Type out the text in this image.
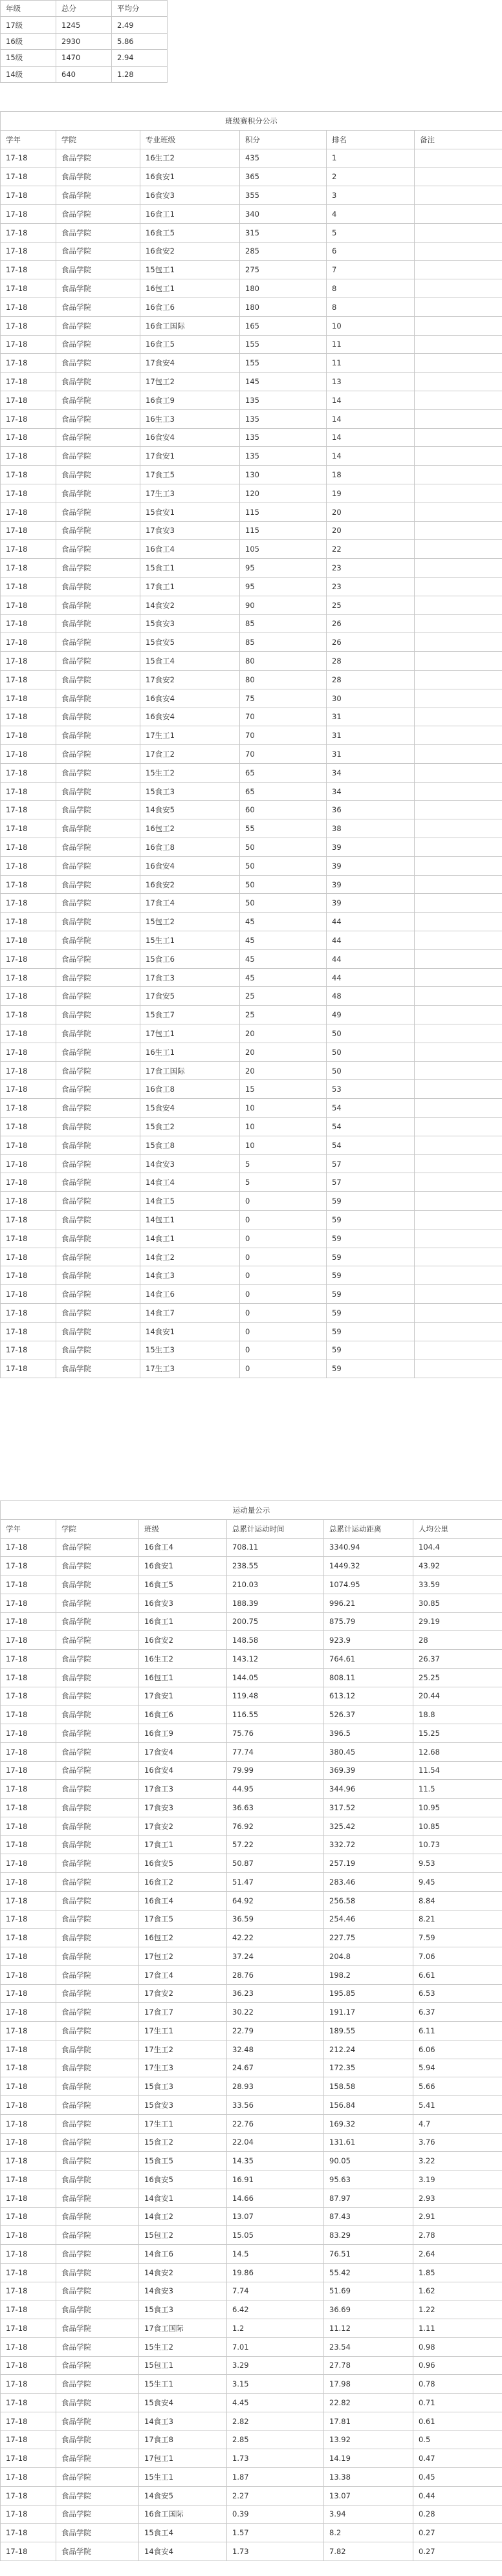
年级	总分	平均分
17级	1245	2.49
16级	2930	5.86
15级	1470	2.94
14级	640	1.28
班级赛积分公示					
学年	学院	专业班级	积分	排名	备注
17-18	食品学院	16生工2	435	1	
17-18	食品学院	16食安1	365	2	
17-18	食品学院	16食安3	355	3	
17-18	食品学院	16食工1	340	4	
17-18	食品学院	16食工5	315	5	
17-18	食品学院	16食安2	285	6	
17-18	食品学院	15包工1	275	7	
17-18	食品学院	16包工1	180	8	
17-18	食品学院	16食工6	180	8	
17-18	食品学院	16食工国际	165	10	
17-18	食品学院	16食工5	155	11	
17-18	食品学院	17食安4	155	11	
17-18	食品学院	17包工2	145	13	
17-18	食品学院	16食工9	135	14	
17-18	食品学院	16生工3	135	14	
17-18	食品学院	16食安4	135	14	
17-18	食品学院	17食安1	135	14	
17-18	食品学院	17食工5	130	18	
17-18	食品学院	17生工3	120	19	
17-18	食品学院	15食安1	115	20	
17-18	食品学院	17食安3	115	20	
17-18	食品学院	16食工4	105	22	
17-18	食品学院	15食工1	95	23	
17-18	食品学院	17食工1	95	23	
17-18	食品学院	14食安2	90	25	
17-18	食品学院	15食安3	85	26	
17-18	食品学院	15食安5	85	26	
17-18	食品学院	15食工4	80	28	
17-18	食品学院	17食安2	80	28	
17-18	食品学院	16食安4	75	30	
17-18	食品学院	16食安4	70	31	
17-18	食品学院	17生工1	70	31	
17-18	食品学院	17食工2	70	31	
17-18	食品学院	15生工2	65	34	
17-18	食品学院	15食工3	65	34	
17-18	食品学院	14食安5	60	36	
17-18	食品学院	16包工2	55	38	
17-18	食品学院	16食工8	50	39	
17-18	食品学院	16食安4	50	39	
17-18	食品学院	16食安2	50	39	
17-18	食品学院	17食工4	50	39	
17-18	食品学院	15包工2	45	44	
17-18	食品学院	15生工1	45	44	
17-18	食品学院	15食工6	45	44	
17-18	食品学院	17食工3	45	44	
17-18	食品学院	17食安5	25	48	
17-18	食品学院	15食工7	25	49	
17-18	食品学院	17包工1	20	50	
17-18	食品学院	16生工1	20	50	
17-18	食品学院	17食工国际	20	50	
17-18	食品学院	16食工8	15	53	
17-18	食品学院	15食安4	10	54	
17-18	食品学院	15食工2	10	54	
17-18	食品学院	15食工8	10	54	
17-18	食品学院	14食安3	5	57	
17-18	食品学院	14食工4	5	57	
17-18	食品学院	14食工5	0	59	
17-18	食品学院	14包工1	0	59	
17-18	食品学院	14食工1	0	59	
17-18	食品学院	14食工2	0	59	
17-18	食品学院	14食工3	0	59	
17-18	食品学院	14食工6	0	59	
17-18	食品学院	14食工7	0	59	
17-18	食品学院	14食安1	0	59	
17-18	食品学院	15生工3	0	59	
17-18	食品学院	17生工3	0	59	
运动量公示					
学年	学院	班级	总累计运动时间	总累计运动距离	人均公里
17-18	食品学院	16食工4	708.11	3340.94	104.4
17-18	食品学院	16食安1	238.55	1449.32	43.92
17-18	食品学院	16食工5	210.03	1074.95	33.59
17-18	食品学院	16食安3	188.39	996.21	30.85
17-18	食品学院	16食工1	200.75	875.79	29.19
17-18	食品学院	16食安2	148.58	923.9	28
17-18	食品学院	16生工2	143.12	764.61	26.37
17-18	食品学院	16包工1	144.05	808.11	25.25
17-18	食品学院	17食安1	119.48	613.12	20.44
17-18	食品学院	16食工6	116.55	526.37	18.8
17-18	食品学院	16食工9	75.76	396.5	15.25
17-18	食品学院	17食安4	77.74	380.45	12.68
17-18	食品学院	16食安4	79.99	369.39	11.54
17-18	食品学院	17食工3	44.95	344.96	11.5
17-18	食品学院	17食安3	36.63	317.52	10.95
17-18	食品学院	17食安2	76.92	325.42	10.85
17-18	食品学院	17食工1	57.22	332.72	10.73
17-18	食品学院	16食安5	50.87	257.19	9.53
17-18	食品学院	16食工2	51.47	283.46	9.45
17-18	食品学院	16食工4	64.92	256.58	8.84
17-18	食品学院	17食工5	36.59	254.46	8.21
17-18	食品学院	16包工2	42.22	227.75	7.59
17-18	食品学院	17包工2	37.24	204.8	7.06
17-18	食品学院	17食工4	28.76	198.2	6.61
17-18	食品学院	17食安2	36.23	195.85	6.53
17-18	食品学院	17食工7	30.22	191.17	6.37
17-18	食品学院	17生工1	22.79	189.55	6.11
17-18	食品学院	17生工2	32.48	212.24	6.06
17-18	食品学院	17生工3	24.67	172.35	5.94
17-18	食品学院	15食工3	28.93	158.58	5.66
17-18	食品学院	15食安3	33.56	156.84	5.41
17-18	食品学院	17生工1	22.76	169.32	4.7
17-18	食品学院	15食工2	22.04	131.61	3.76
17-18	食品学院	15食工5	14.35	90.05	3.22
17-18	食品学院	16食安5	16.91	95.63	3.19
17-18	食品学院	14食安1	14.66	87.97	2.93
17-18	食品学院	14食工2	13.07	87.43	2.91
17-18	食品学院	15包工2	15.05	83.29	2.78
17-18	食品学院	14食工6	14.5	76.51	2.64
17-18	食品学院	14食安2	19.86	55.42	1.85
17-18	食品学院	14食安3	7.74	51.69	1.62
17-18	食品学院	15食工3	6.42	36.69	1.22
17-18	食品学院	17食工国际	1.2	11.12	1.11
17-18	食品学院	15生工2	7.01	23.54	0.98
17-18	食品学院	15包工1	3.29	27.78	0.96
17-18	食品学院	15生工1	3.15	17.98	0.78
17-18	食品学院	15食安4	4.45	22.82	0.71
17-18	食品学院	14食工3	2.82	17.81	0.61
17-18	食品学院	17食工8	2.85	13.92	0.5
17-18	食品学院	17包工1	1.73	14.19	0.47
17-18	食品学院	15生工1	1.87	13.38	0.45
17-18	食品学院	14食安5	2.27	13.07	0.44
17-18	食品学院	16食工国际	0.39	3.94	0.28
17-18	食品学院	15食工4	1.57	8.2	0.27
17-18	食品学院	14食安4	1.73	7.82	0.27
